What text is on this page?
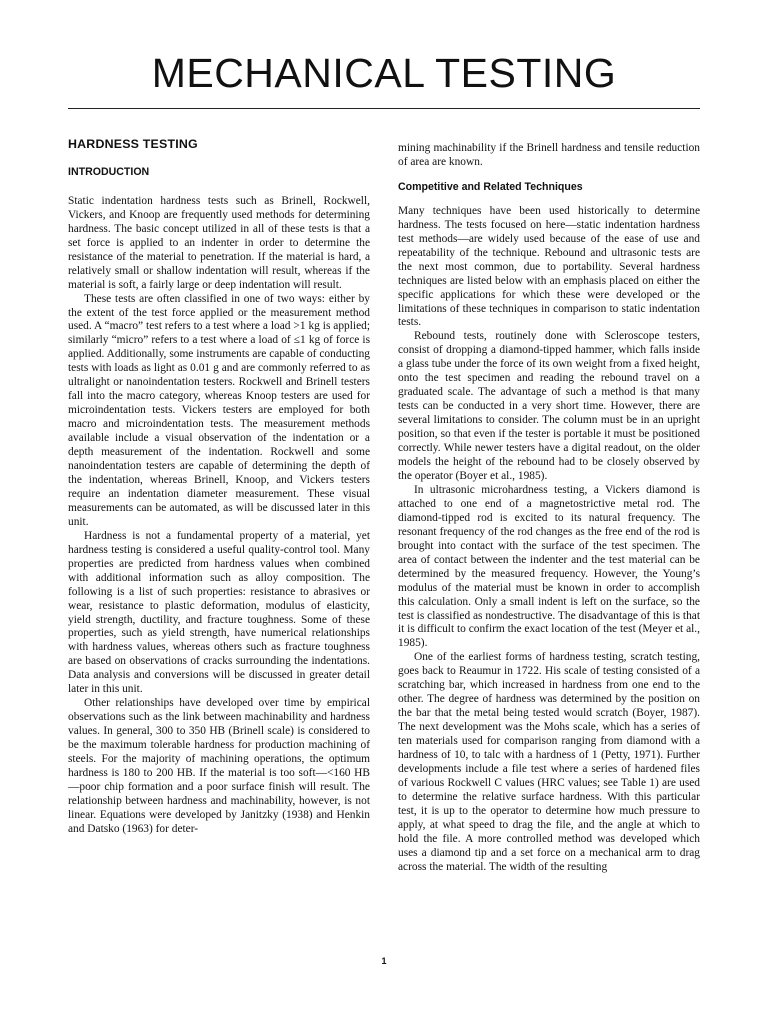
MECHANICAL TESTING
HARDNESS TESTING
INTRODUCTION

Static indentation hardness tests such as Brinell, Rockwell, Vickers, and Knoop are frequently used methods for determining hardness. The basic concept utilized in all of these tests is that a set force is applied to an indenter in order to determine the resistance of the material to penetration. If the material is hard, a relatively small or shallow indentation will result, whereas if the material is soft, a fairly large or deep indentation will result.

These tests are often classified in one of two ways: either by the extent of the test force applied or the measurement method used. A “macro” test refers to a test where a load >1 kg is applied; similarly “micro” refers to a test where a load of ≤1 kg of force is applied. Additionally, some instruments are capable of conducting tests with loads as light as 0.01 g and are commonly referred to as ultralight or nanoindentation testers. Rockwell and Brinell testers fall into the macro category, whereas Knoop testers are used for microindentation tests. Vickers testers are employed for both macro and microindentation tests. The measurement methods available include a visual observation of the indentation or a depth measurement of the indentation. Rockwell and some nanoindentation testers are capable of determining the depth of the indentation, whereas Brinell, Knoop, and Vickers testers require an indentation diameter measurement. These visual measurements can be automated, as will be discussed later in this unit.

Hardness is not a fundamental property of a material, yet hardness testing is considered a useful quality-control tool. Many properties are predicted from hardness values when combined with additional information such as alloy composition. The following is a list of such properties: resistance to abrasives or wear, resistance to plastic deformation, modulus of elasticity, yield strength, ductility, and fracture toughness. Some of these properties, such as yield strength, have numerical relationships with hardness values, whereas others such as fracture toughness are based on observations of cracks surrounding the indentations. Data analysis and conversions will be discussed in greater detail later in this unit.

Other relationships have developed over time by empirical observations such as the link between machinability and hardness values. In general, 300 to 350 HB (Brinell scale) is considered to be the maximum tolerable hardness for production machining of steels. For the majority of machining operations, the optimum hardness is 180 to 200 HB. If the material is too soft—<160 HB—poor chip formation and a poor surface finish will result. The relationship between hardness and machinability, however, is not linear. Equations were developed by Janitzky (1938) and Henkin and Datsko (1963) for deter-

mining machinability if the Brinell hardness and tensile reduction of area are known.

Competitive and Related Techniques

Many techniques have been used historically to determine hardness. The tests focused on here—static indentation hardness test methods—are widely used because of the ease of use and repeatability of the technique. Rebound and ultrasonic tests are the next most common, due to portability. Several hardness techniques are listed below with an emphasis placed on either the specific applications for which these were developed or the limitations of these techniques in comparison to static indentation tests.

Rebound tests, routinely done with Scleroscope testers, consist of dropping a diamond-tipped hammer, which falls inside a glass tube under the force of its own weight from a fixed height, onto the test specimen and reading the rebound travel on a graduated scale. The advantage of such a method is that many tests can be conducted in a very short time. However, there are several limitations to consider. The column must be in an upright position, so that even if the tester is portable it must be positioned correctly. While newer testers have a digital readout, on the older models the height of the rebound had to be closely observed by the operator (Boyer et al., 1985).

In ultrasonic microhardness testing, a Vickers diamond is attached to one end of a magnetostrictive metal rod. The diamond-tipped rod is excited to its natural frequency. The resonant frequency of the rod changes as the free end of the rod is brought into contact with the surface of the test specimen. The area of contact between the indenter and the test material can be determined by the measured frequency. However, the Young’s modulus of the material must be known in order to accomplish this calculation. Only a small indent is left on the surface, so the test is classified as nondestructive. The disadvantage of this is that it is difficult to confirm the exact location of the test (Meyer et al., 1985).

One of the earliest forms of hardness testing, scratch testing, goes back to Reaumur in 1722. His scale of testing consisted of a scratching bar, which increased in hardness from one end to the other. The degree of hardness was determined by the position on the bar that the metal being tested would scratch (Boyer, 1987). The next development was the Mohs scale, which has a series of ten materials used for comparison ranging from diamond with a hardness of 10, to talc with a hardness of 1 (Petty, 1971). Further developments include a file test where a series of hardened files of various Rockwell C values (HRC values; see Table 1) are used to determine the relative surface hardness. With this particular test, it is up to the operator to determine how much pressure to apply, at what speed to drag the file, and the angle at which to hold the file. A more controlled method was developed which uses a diamond tip and a set force on a mechanical arm to drag across the material. The width of the resulting

1
